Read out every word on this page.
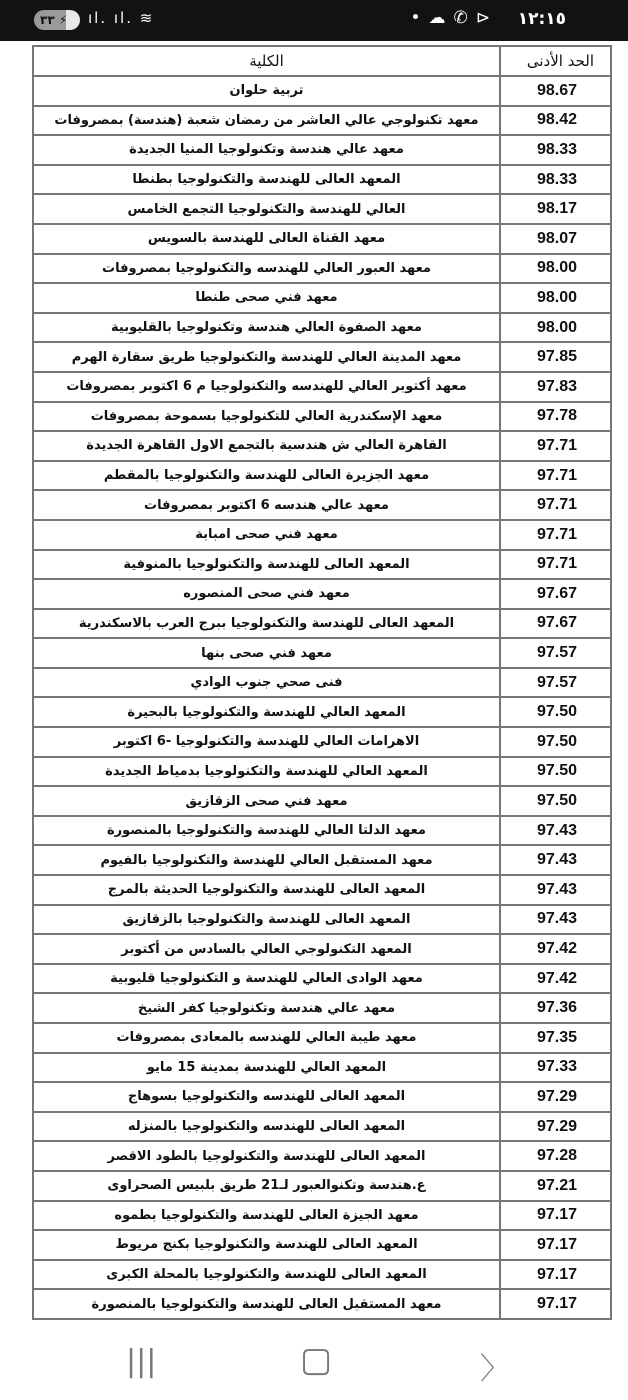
٣٣ ⚡	ıl. ıl. ≋	• ☁ ✆ ⊳ ١٢:١٥
الحد الأدنى	الكلية
98.67	تربية حلوان
98.42	معهد تكنولوجي عالي العاشر من رمضان شعبة (هندسة) بمصروفات
98.33	معهد عالي هندسة وتكنولوجيا المنيا الجديدة
98.33	المعهد العالى للهندسة والتكنولوجيا بطنطا
98.17	العالي للهندسة والتكنولوجيا التجمع الخامس
98.07	معهد القناة العالى للهندسة بالسويس
98.00	معهد العبور العالي للهندسه والتكنولوجيا بمصروفات
98.00	معهد فني صحى طنطا
98.00	معهد الصفوة العالي هندسة وتكنولوجيا بالقليوبية
97.85	معهد المدينة العالي للهندسة والتكنولوجيا طريق سقارة الهرم
97.83	معهد أكتوبر العالي للهندسه والتكنولوجيا م 6 اكتوبر بمصروفات
97.78	معهد الإسكندرية العالي للتكنولوجيا بسموحة بمصروفات
97.71	القاهرة العالي ش هندسية بالتجمع الاول القاهرة الجديدة
97.71	معهد الجزيرة العالى للهندسة والتكنولوجيا بالمقطم
97.71	معهد عالي هندسه 6 اكتوبر بمصروفات
97.71	معهد فني صحى امبابة
97.71	المعهد العالى للهندسة والتكنولوجيا بالمنوفية
97.67	معهد فني صحى المنصوره
97.67	المعهد العالى للهندسة والتكنولوجيا ببرج العرب بالاسكندرية
97.57	معهد فني صحى بنها
97.57	فنى صحي جنوب الوادي
97.50	المعهد العالي للهندسة والتكنولوجيا بالبحيرة
97.50	الاهرامات العالي للهندسة والتكنولوجيا -6 اكتوبر
97.50	المعهد العالي للهندسة والتكنولوجيا بدمياط الجديدة
97.50	معهد فني صحى الزقازيق
97.43	معهد الدلتا العالي للهندسة والتكنولوجيا بالمنصورة
97.43	معهد المستقبل العالي للهندسة والتكنولوجيا بالفيوم
97.43	المعهد العالى للهندسة والتكنولوجيا الحديثة بالمرج
97.43	المعهد العالى للهندسة والتكنولوجيا بالزقازيق
97.42	المعهد التكنولوجي العالي بالسادس من أكتوبر
97.42	معهد الوادى العالي للهندسة و التكنولوجيا قليوبية
97.36	معهد عالي هندسة وتكنولوجيا كفر الشيخ
97.35	معهد طيبة العالي للهندسه بالمعادى بمصروفات
97.33	المعهد العالي للهندسة بمدينة 15 مايو
97.29	المعهد العالى للهندسه والتكنولوجيا بسوهاج
97.29	المعهد العالى للهندسه والتكنولوجيا بالمنزله
97.28	المعهد العالى للهندسة والتكنولوجيا بالطود الاقصر
97.21	ع.هندسة وتكنوالعبور لـ21 طريق بلبيس الصحراوى
97.17	معهد الجيزة العالى للهندسة والتكنولوجيا بطموه
97.17	المعهد العالى للهندسة والتكنولوجيا بكنج مريوط
97.17	المعهد العالى للهندسة والتكنولوجيا بالمحلة الكبرى
97.17	معهد المستقبل العالى للهندسة والتكنولوجيا بالمنصورة
|||	▢	〉
